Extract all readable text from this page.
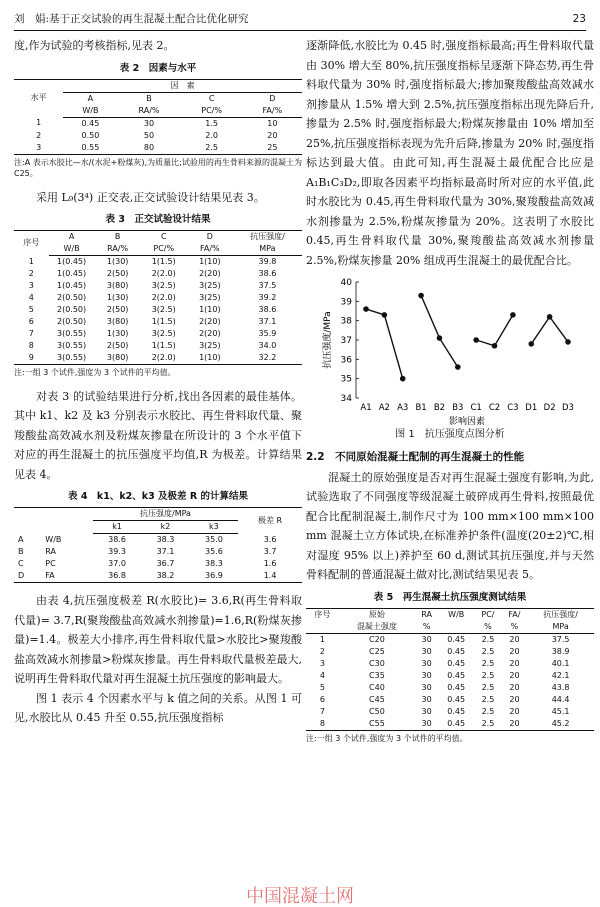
刘　娟:基于正交试验的再生混凝土配合比优化研究	23

度,作为试验的考核指标,见表 2。

表 2　因素与水平
水平	因　素			
	A	B	C	D
	W/B	RA/%	PC/%	FA/%
1	0.45	30	1.5	10
2	0.50	50	2.0	20
3	0.55	80	2.5	25

注:A 表示水胶比—水/(水泥+粉煤灰),为质量比;试验用的再生骨料来源的混凝土为 C25。

采用 L₉(3⁴) 正交表,正交试验设计结果见表 3。

表 3　正交试验设计结果
序号	A	B	C	D	抗压强度/
	W/B	RA/%	PC/%	FA/%	MPa
1	1(0.45)	1(30)	1(1.5)	1(10)	39.8
2	1(0.45)	2(50)	2(2.0)	2(20)	38.6
3	1(0.45)	3(80)	3(2.5)	3(25)	37.5
4	2(0.50)	1(30)	2(2.0)	3(25)	39.2
5	2(0.50)	2(50)	3(2.5)	1(10)	38.6
6	2(0.50)	3(80)	1(1.5)	2(20)	37.1
7	3(0.55)	1(30)	3(2.5)	2(20)	35.9
8	3(0.55)	2(50)	1(1.5)	3(25)	34.0
9	3(0.55)	3(80)	2(2.0)	1(10)	32.2

注:一组 3 个试件,强度为 3 个试件的平均值。

对表 3 的试验结果进行分析,找出各因素的最佳基体。其中 k1、k2 及 k3 分别表示水胶比、再生骨料取代量、聚羧酸盐高效减水剂及粉煤灰掺量在所设计的 3 个水平值下对应的再生混凝土的抗压强度平均值,R 为极差。计算结果见表 4。

表 4　k1、k2、k3 及极差 R 的计算结果
		抗压强度/MPa			极差 R
		k1	k2	k3	
A	W/B	38.6	38.3	35.0	3.6
B	RA	39.3	37.1	35.6	3.7
C	PC	37.0	36.7	38.3	1.6
D	FA	36.8	38.2	36.9	1.4

由表 4,抗压强度极差 R(水胶比)= 3.6,R(再生骨料取代量)= 3.7,R(聚羧酸盐高效减水剂掺量)=1.6,R(粉煤灰掺量)=1.4。极差大小排序,再生骨料取代量>水胶比>聚羧酸盐高效减水剂掺量>粉煤灰掺量。再生骨料取代量极差最大,说明再生骨料取代量对再生混凝土抗压强度的影响最大。

图 1 表示 4 个因素水平与 k 值之间的关系。从图 1 可见,水胶比从 0.45 升至 0.55,抗压强度指标

逐渐降低,水胶比为 0.45 时,强度指标最高;再生骨料取代量由 30% 增大至 80%,抗压强度指标呈逐渐下降态势,再生骨料取代量为 30% 时,强度指标最大;掺加聚羧酸盐高效减水剂掺量从 1.5% 增大到 2.5%,抗压强度指标出现先降后升,掺量为 2.5% 时,强度指标最大;粉煤灰掺量由 10% 增加至 25%,抗压强度指标表现为先升后降,掺量为 20% 时,强度指标达到最大值。由此可知,再生混凝土最优配合比应是 A₁B₁C₃D₂,即取各因素平均指标最高时所对应的水平值,此时水胶比为 0.45,再生骨料取代量为 30%,聚羧酸盐高效减水剂掺量为 2.5%,粉煤灰掺量为 20%。这表明了水胶比 0.45,再生骨料取代量 30%,聚羧酸盐高效减水剂掺量 2.5%,粉煤灰掺量 20% 组成再生混凝土的最优配合比。

34
35
36
37
38
39
40
抗压强度/MPa
A1 A2 A3 B1 B2 B3 C1 C2 C3 D1 D2 D3
影响因素
图 1　抗压强度点图分析
2.2　不同原始混凝土配制的再生混凝土的性能

混凝土的原始强度是否对再生混凝土强度有影响,为此,试验选取了不同强度等级混凝土破碎成再生骨料,按照最优配合比配制混凝土,制作尺寸为 100 mm×100 mm×100 mm 混凝土立方体试块,在标准养护条件(温度(20±2)℃,相对湿度 95% 以上)养护至 60 d,测试其抗压强度,并与天然骨料配制的普通混凝土做对比,测试结果见表 5。

表 5　再生混凝土抗压强度测试结果
序号	原始	RA	W/B	PC/	FA/	抗压强度/
	混凝土强度	%		%	%	MPa
1	C20	30	0.45	2.5	20	37.5
2	C25	30	0.45	2.5	20	38.9
3	C30	30	0.45	2.5	20	40.1
4	C35	30	0.45	2.5	20	42.1
5	C40	30	0.45	2.5	20	43.8
6	C45	30	0.45	2.5	20	44.4
7	C50	30	0.45	2.5	20	45.1
8	C55	30	0.45	2.5	20	45.2

注:一组 3 个试件,强度为 3 个试件的平均值。

中国混凝土网
